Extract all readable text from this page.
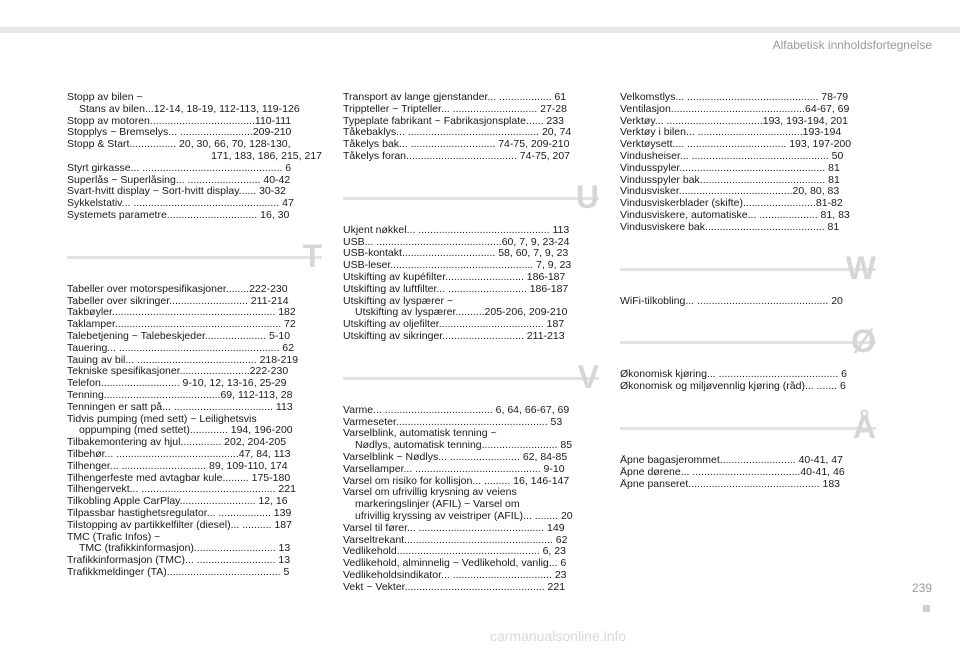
Alfabetisk innholdsfortegnelse
Stopp av bilen ~
Stans av bilen...12-14, 18-19, 112-113, 119-126
Stopp av motoren....................................110-111
Stopplys ~ Bremselys... .........................209-210
Stopp & Start................ 20, 30, 66, 70, 128-130,
171, 183, 186, 215, 217
Styrt girkasse... ................................................ 6
Superlås ~ Superlåsing... ......................... 40-42
Svart-hvitt display ~ Sort-hvitt display...... 30-32
Sykkelstativ... .................................................. 47
Systemets parametre............................... 16, 30
T
Tabeller over motorspesifikasjoner........222-230
Tabeller over sikringer........................... 211-214
Takbøyler........................................................ 182
Taklamper......................................................... 72
Talebetjening ~ Talebeskjeder..................... 5-10
Tauering... ....................................................... 62
Tauing av bil... ......................................... 218-219
Tekniske spesifikasjoner........................222-230
Telefon........................... 9-10, 12, 13-16, 25-29
Tenning........................................69, 112-113, 28
Tenningen er satt på... .................................. 113
Tidvis pumping (med sett) ~ Leilighetsvis
oppumping (med settet)............. 194, 196-200
Tilbakemontering av hjul.............. 202, 204-205
Tilbehør... ..........................................47, 84, 113
Tilhenger... ............................. 89, 109-110, 174
Tilhengerfeste med avtagbar kule......... 175-180
Tilhengervekt... .............................................. 221
Tilkobling Apple CarPlay.......................... 12, 16
Tilpassbar hastighetsregulator... .................. 139
Tilstopping av partikkelfilter (diesel)... .......... 187
TMC (Trafic Infos) ~
TMC (trafikkinformasjon)............................ 13
Trafikkinformasjon (TMC)... ........................... 13
Trafikkmeldinger (TA)....................................... 5
Transport av lange gjenstander... .................. 61
Trippteller ~ Tripteller... ............................. 27-28
Typeplate fabrikant ~ Fabrikasjonsplate...... 233
Tåkebaklys... ............................................. 20, 74
Tåkelys bak... ............................. 74-75, 209-210
Tåkelys foran...................................... 74-75, 207
U
Ukjent nøkkel... ............................................. 113
USB... ...........................................60, 7, 9, 23-24
USB-kontakt................................ 58, 60, 7, 9, 23
USB-leser................................................. 7, 9, 23
Utskifting av kupéfilter........................... 186-187
Utskifting av luftfilter... ........................... 186-187
Utskifting av lyspærer ~
Utskifting av lyspærer..........205-206, 209-210
Utskifting av oljefilter.................................... 187
Utskifting av sikringer............................ 211-213
V
Varme... ..................................... 6, 64, 66-67, 69
Varmeseter.................................................... 53
Varselblink, automatisk tenning ~
Nødlys, automatisk tenning.......................... 85
Varselblink ~ Nødlys... ........................ 62, 84-85
Varsellamper... ........................................... 9-10
Varsel om risiko for kollisjon... ......... 16, 146-147
Varsel om ufrivillig krysning av veiens
markeringslinjer (AFIL) ~ Varsel om
ufrivillig kryssing av veistriper (AFIL)... ........ 20
Varsel til fører... ........................................... 149
Varseltrekant................................................... 62
Vedlikehold................................................. 6, 23
Vedlikehold, alminnelig ~ Vedlikehold, vanlig... 6
Vedlikeholdsindikator... .................................. 23
Vekt ~ Vekter................................................ 221
Velkomstlys... ............................................. 78-79
Ventilasjon..............................................64-67, 69
Verktøy... .................................193, 193-194, 201
Verktøy i bilen... ....................................193-194
Verktøysett.... .................................. 193, 197-200
Vindusheiser... ............................................... 50
Vindusspyler.................................................. 81
Vindusspyler bak........................................... 81
Vindusvisker.......................................20, 80, 83
Vindusviskerblader (skifte).........................81-82
Vindusviskere, automatiske... .................... 81, 83
Vindusviskere bak......................................... 81
W
WiFi-tilkobling... ............................................. 20
Ø
Økonomisk kjøring... ......................................... 6
Økonomisk og miljøvennlig kjøring (råd)... ....... 6
Å
Åpne bagasjerommet.......................... 40-41, 47
Åpne dørene... .....................................40-41, 46
Åpne panseret............................................. 183
239
carmanualsonline.info
